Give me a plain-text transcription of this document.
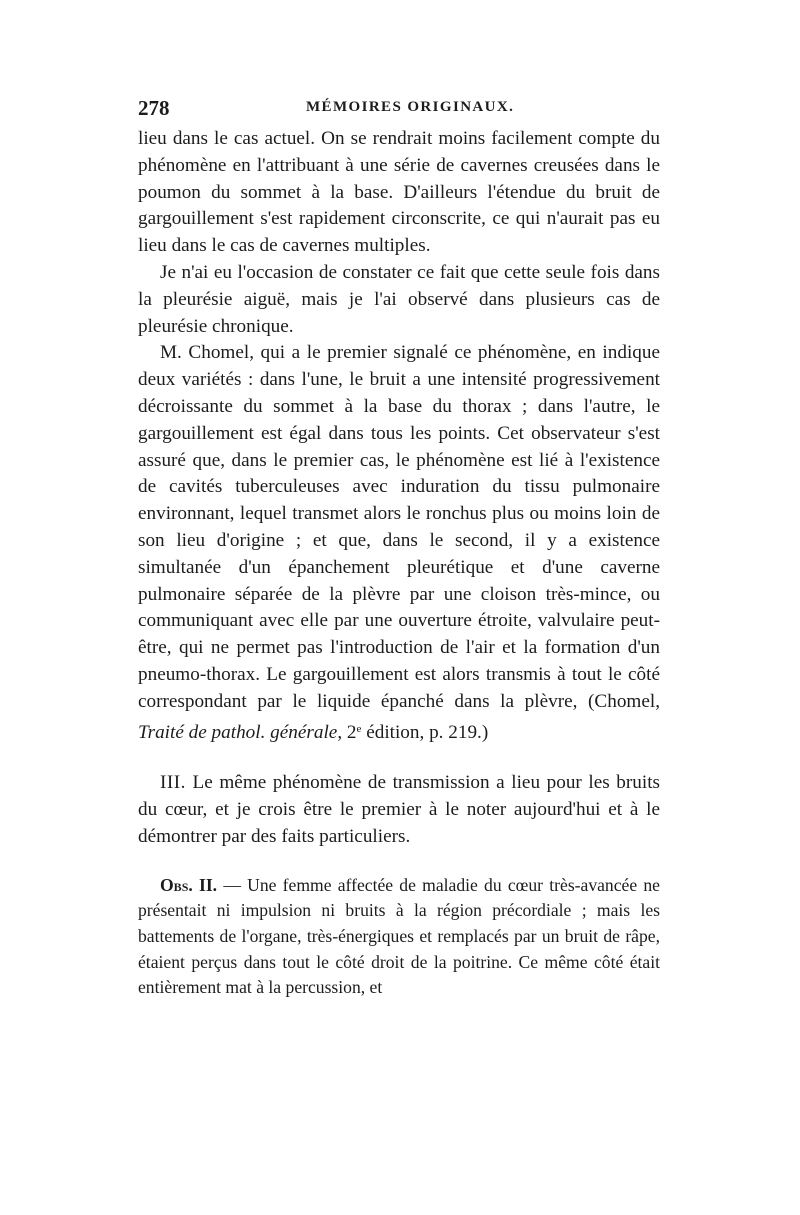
278	MÉMOIRES ORIGINAUX.

lieu dans le cas actuel. On se rendrait moins facilement compte du phénomène en l'attribuant à une série de cavernes creusées dans le poumon du sommet à la base. D'ailleurs l'étendue du bruit de gargouillement s'est rapidement circonscrite, ce qui n'aurait pas eu lieu dans le cas de cavernes multiples.

Je n'ai eu l'occasion de constater ce fait que cette seule fois dans la pleurésie aiguë, mais je l'ai observé dans plusieurs cas de pleurésie chronique.

M. Chomel, qui a le premier signalé ce phénomène, en indique deux variétés : dans l'une, le bruit a une intensité progressivement décroissante du sommet à la base du thorax ; dans l'autre, le gargouillement est égal dans tous les points. Cet observateur s'est assuré que, dans le premier cas, le phénomène est lié à l'existence de cavités tuberculeuses avec induration du tissu pulmonaire environnant, lequel transmet alors le ronchus plus ou moins loin de son lieu d'origine ; et que, dans le second, il y a existence simultanée d'un épanchement pleurétique et d'une caverne pulmonaire séparée de la plèvre par une cloison très-mince, ou communiquant avec elle par une ouverture étroite, valvulaire peut-être, qui ne permet pas l'introduction de l'air et la formation d'un pneumo-thorax. Le gargouillement est alors transmis à tout le côté correspondant par le liquide épanché dans la plèvre, (Chomel, Traité de pathol. générale, 2e édition, p. 219.)

III. Le même phénomène de transmission a lieu pour les bruits du cœur, et je crois être le premier à le noter aujourd'hui et à le démontrer par des faits particuliers.

Obs. II. — Une femme affectée de maladie du cœur très-avancée ne présentait ni impulsion ni bruits à la région précordiale ; mais les battements de l'organe, très-énergiques et remplacés par un bruit de râpe, étaient perçus dans tout le côté droit de la poitrine. Ce même côté était entièrement mat à la percussion, et
